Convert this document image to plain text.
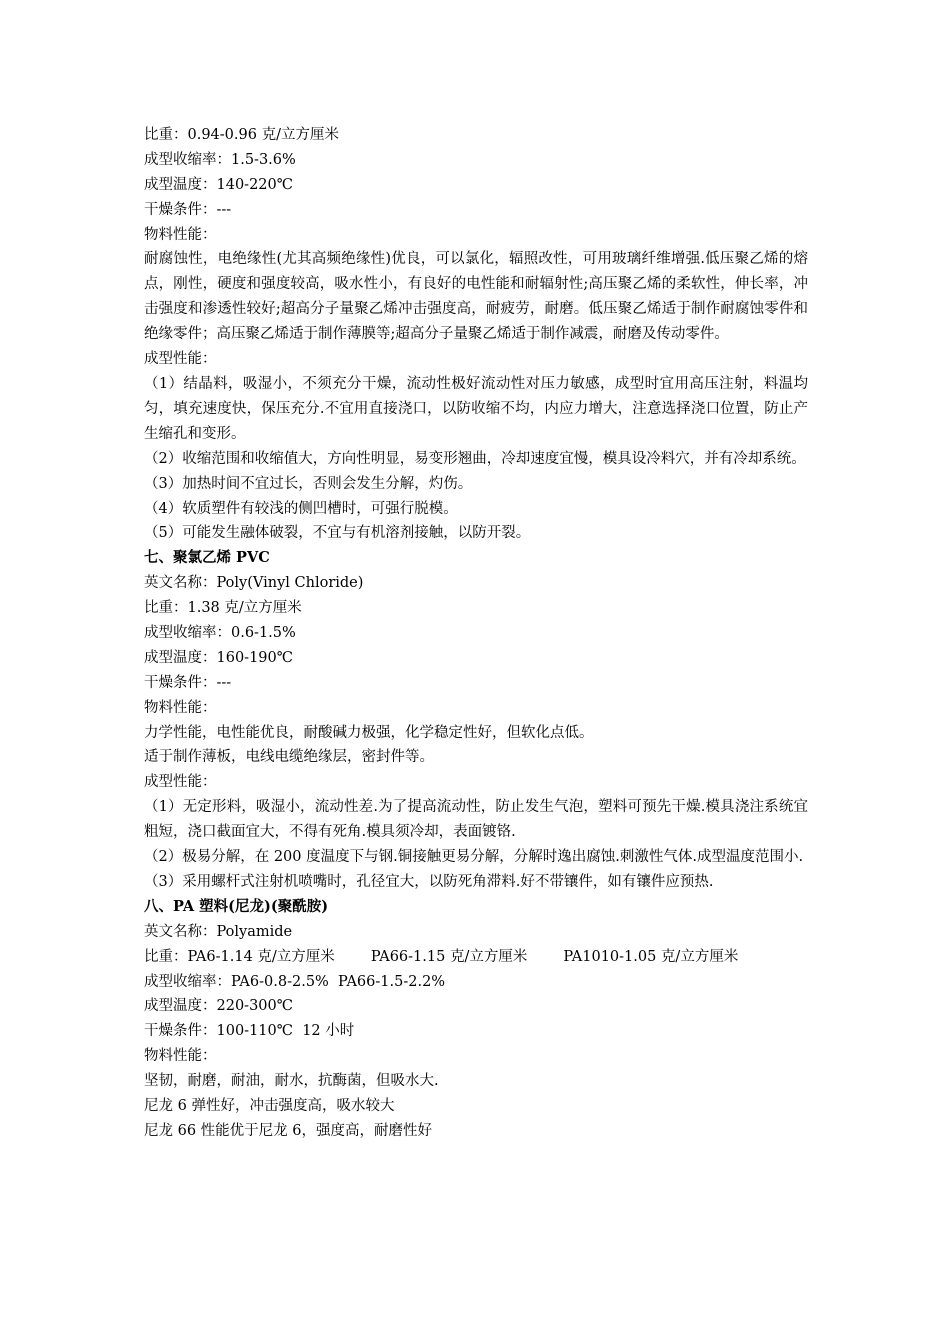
比重：0.94-0.96 克/立方厘米
成型收缩率：1.5-3.6%
成型温度：140-220℃
干燥条件：---
物料性能：

耐腐蚀性，电绝缘性(尤其高频绝缘性)优良，可以氯化，辐照改性，可用玻璃纤维增强.低压聚乙烯的熔点，刚性，硬度和强度较高，吸水性小，有良好的电性能和耐辐射性;高压聚乙烯的柔软性，伸长率，冲击强度和渗透性较好;超高分子量聚乙烯冲击强度高，耐疲劳，耐磨。低压聚乙烯适于制作耐腐蚀零件和绝缘零件；高压聚乙烯适于制作薄膜等;超高分子量聚乙烯适于制作减震，耐磨及传动零件。

成型性能：

（1）结晶料，吸湿小，不须充分干燥，流动性极好流动性对压力敏感，成型时宜用高压注射，料温均匀，填充速度快，保压充分.不宜用直接浇口，以防收缩不均，内应力增大，注意选择浇口位置，防止产生缩孔和变形。

（2）收缩范围和收缩值大，方向性明显，易变形翘曲，冷却速度宜慢，模具设冷料穴，并有冷却系统。

（3）加热时间不宜过长，否则会发生分解，灼伤。

（4）软质塑件有较浅的侧凹槽时，可强行脱模。

（5）可能发生融体破裂，不宜与有机溶剂接触，以防开裂。

七、聚氯乙烯 PVC
英文名称：Poly(Vinyl Chloride)
比重：1.38 克/立方厘米
成型收缩率：0.6-1.5%
成型温度：160-190℃
干燥条件：---
物料性能：
力学性能，电性能优良，耐酸碱力极强，化学稳定性好，但软化点低。
适于制作薄板，电线电缆绝缘层，密封件等。
成型性能：

（1）无定形料，吸湿小，流动性差.为了提高流动性，防止发生气泡，塑料可预先干燥.模具浇注系统宜粗短，浇口截面宜大，不得有死角.模具须冷却，表面镀铬.

（2）极易分解，在 200 度温度下与钢.铜接触更易分解，分解时逸出腐蚀.刺激性气体.成型温度范围小.

（3）采用螺杆式注射机喷嘴时，孔径宜大，以防死角滞料.好不带镶件，如有镶件应预热.

八、PA 塑料(尼龙)(聚酰胺)
英文名称：Polyamide
比重：PA6-1.14 克/立方厘米 PA66-1.15 克/立方厘米 PA1010-1.05 克/立方厘米
成型收缩率：PA6-0.8-2.5%  PA66-1.5-2.2%
成型温度：220-300℃
干燥条件：100-110℃  12 小时
物料性能：
坚韧，耐磨，耐油，耐水，抗酶菌，但吸水大.
尼龙 6 弹性好，冲击强度高，吸水较大
尼龙 66 性能优于尼龙 6，强度高，耐磨性好
